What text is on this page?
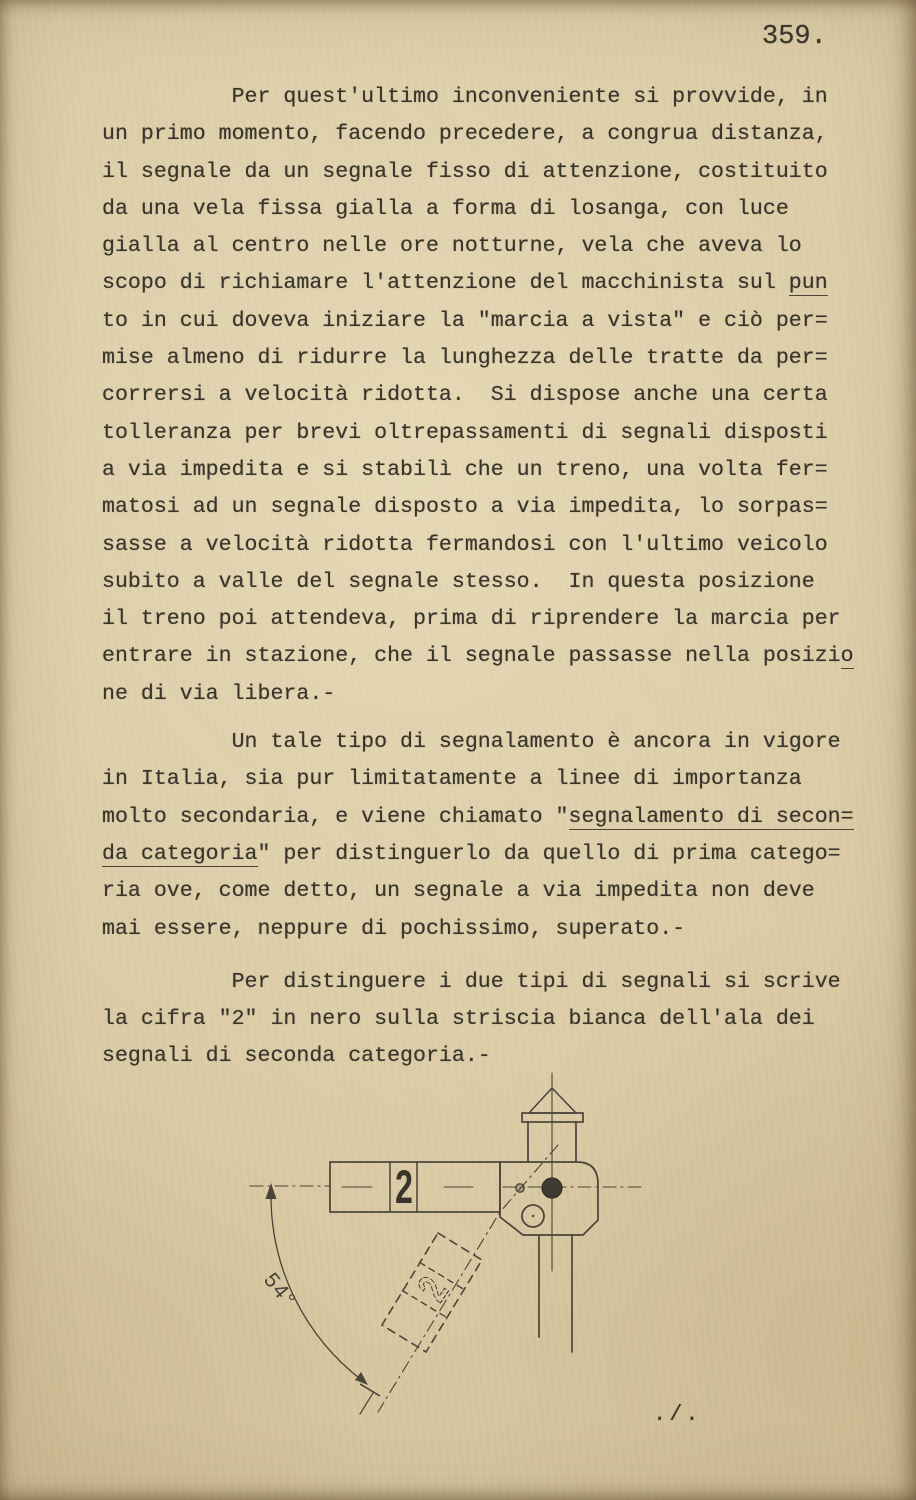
359.
Per quest'ultimo inconveniente si provvide, in
un primo momento, facendo precedere, a congrua distanza,
il segnale da un segnale fisso di attenzione, costituito
da una vela fissa gialla a forma di losanga, con luce
gialla al centro nelle ore notturne, vela che aveva lo
scopo di richiamare l'attenzione del macchinista sul pun
to in cui doveva iniziare la "marcia a vista" e ciò per=
mise almeno di ridurre la lunghezza delle tratte da per=
corrersi a velocità ridotta.  Si dispose anche una certa
tolleranza per brevi oltrepassamenti di segnali disposti
a via impedita e si stabilì che un treno, una volta fer=
matosi ad un segnale disposto a via impedita, lo sorpas=
sasse a velocità ridotta fermandosi con l'ultimo veicolo
subito a valle del segnale stesso.  In questa posizione
il treno poi attendeva, prima di riprendere la marcia per
entrare in stazione, che il segnale passasse nella posizio
ne di via libera.-
Un tale tipo di segnalamento è ancora in vigore
in Italia, sia pur limitatamente a linee di importanza
molto secondaria, e viene chiamato "segnalamento di secon=
da categoria" per distinguerlo da quello di prima catego=
ria ove, come detto, un segnale a via impedita non deve
mai essere, neppure di pochissimo, superato.-
Per distinguere i due tipi di segnali si scrive
la cifra "2" in nero sulla striscia bianca dell'ala dei
segnali di seconda categoria.-
2
2
54°
./.
